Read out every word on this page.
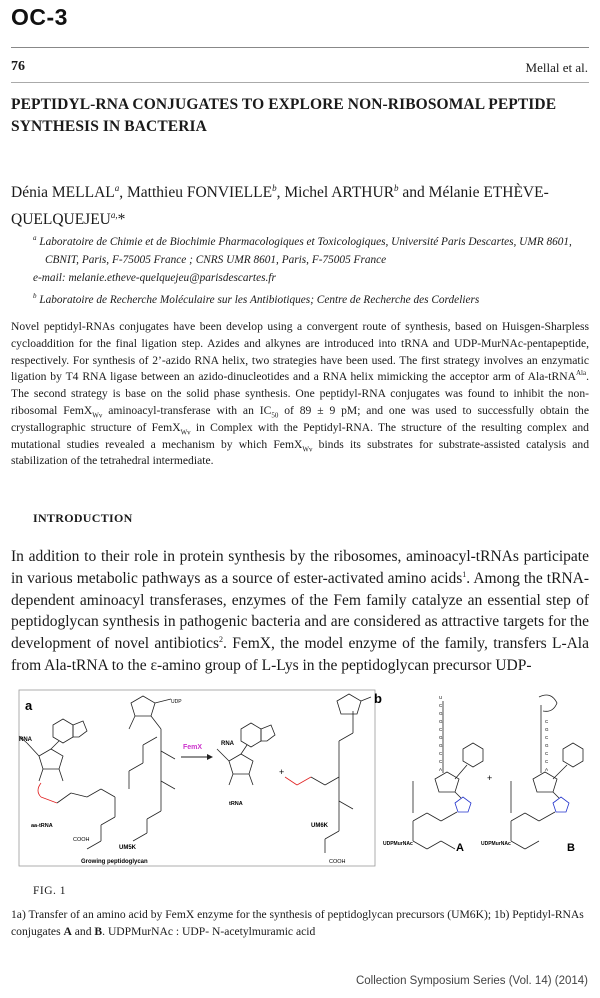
OC-3
76	Mellal et al.
PEPTIDYL-RNA CONJUGATES TO EXPLORE NON-RIBOSOMAL PEPTIDE SYNTHESIS IN BACTERIA
Dénia MELLAL$^a$, Matthieu FONVIELLE$^b$, Michel ARTHUR$^b$ and Mélanie ETHÈVE-$QUELQUEJEU^{a,}*$
$^a$ Laboratoire de Chimie et de Biochimie Pharmacologiques et Toxicologiques, Université Paris Descartes, UMR 8601, CBNIT, Paris, F-75005 France ; CNRS UMR 8601, Paris, F-75005 France
e-mail: melanie.etheve-quelquejeu@parisdescartes.fr
$^b$ Laboratoire de Recherche Moléculaire sur les Antibiotiques; Centre de Recherche des Cordeliers
Novel peptidyl-RNAs conjugates have been develop using a convergent route of synthesis, based on Huisgen-Sharpless cycloaddition for the final ligation step. Azides and alkynes are introduced into tRNA and UDP-MurNAc-pentapeptide, respectively. For synthesis of 2’-azido RNA helix, two strategies have been used. The first strategy involves an enzymatic ligation by T4 RNA ligase between an azido-dinucleotides and a RNA helix mimicking the acceptor arm of Ala-tRNA$^{Ala}$. The second strategy is base on the solid phase synthesis. One peptidyl-RNA conjugates was found to inhibit the non-ribosomal FemX$_{Wv}$ aminoacyl-transferase with an $IC_{50}$ of 89 ± 9 pM; and one was used to successfully obtain the crystallographic structure of FemX$_{Wv}$ in Complex with the Peptidyl-RNA. The structure of the resulting complex and mutational studies revealed a mechanism by which FemX$_{Wv}$ binds its substrates for substrate-assisted catalysis and stabilization of the tetrahedral intermediate.
INTRODUCTION
In addition to their role in protein synthesis by the ribosomes, aminoacyl-tRNAs participate in various metabolic pathways as a source of ester-activated amino acids$^1$. Among the tRNA-dependent aminoacyl transferases, enzymes of the Fem family catalyze an essential step of peptidoglycan synthesis in pathogenic bacteria and are considered as attractive targets for the development of novel antibiotics$^2$. FemX, the model enzyme of the family, transfers L-Ala from Ala-tRNA to the ε-amino group of L-Lys in the peptidoglycan precursor UDP-
a	b
RNA
aa-tRNA
UM5K
Growing peptidoglycan
COOH
UDP
FemX	RNA
tRNA
+
UM6K
COOH
U
C
G
G
C
G
G
C
C
A
UDPMurNAc	A
+
C
G
C
G
C
C
A
UDPMurNAc	B
FIG. 1
1a) Transfer of an amino acid by FemX enzyme for the synthesis of peptidoglycan precursors (UM6K); 1b) Peptidyl-RNAs conjugates A and B. UDPMurNAc : UDP- N-acetylmuramic acid
Collection Symposium Series (Vol. 14) (2014)
